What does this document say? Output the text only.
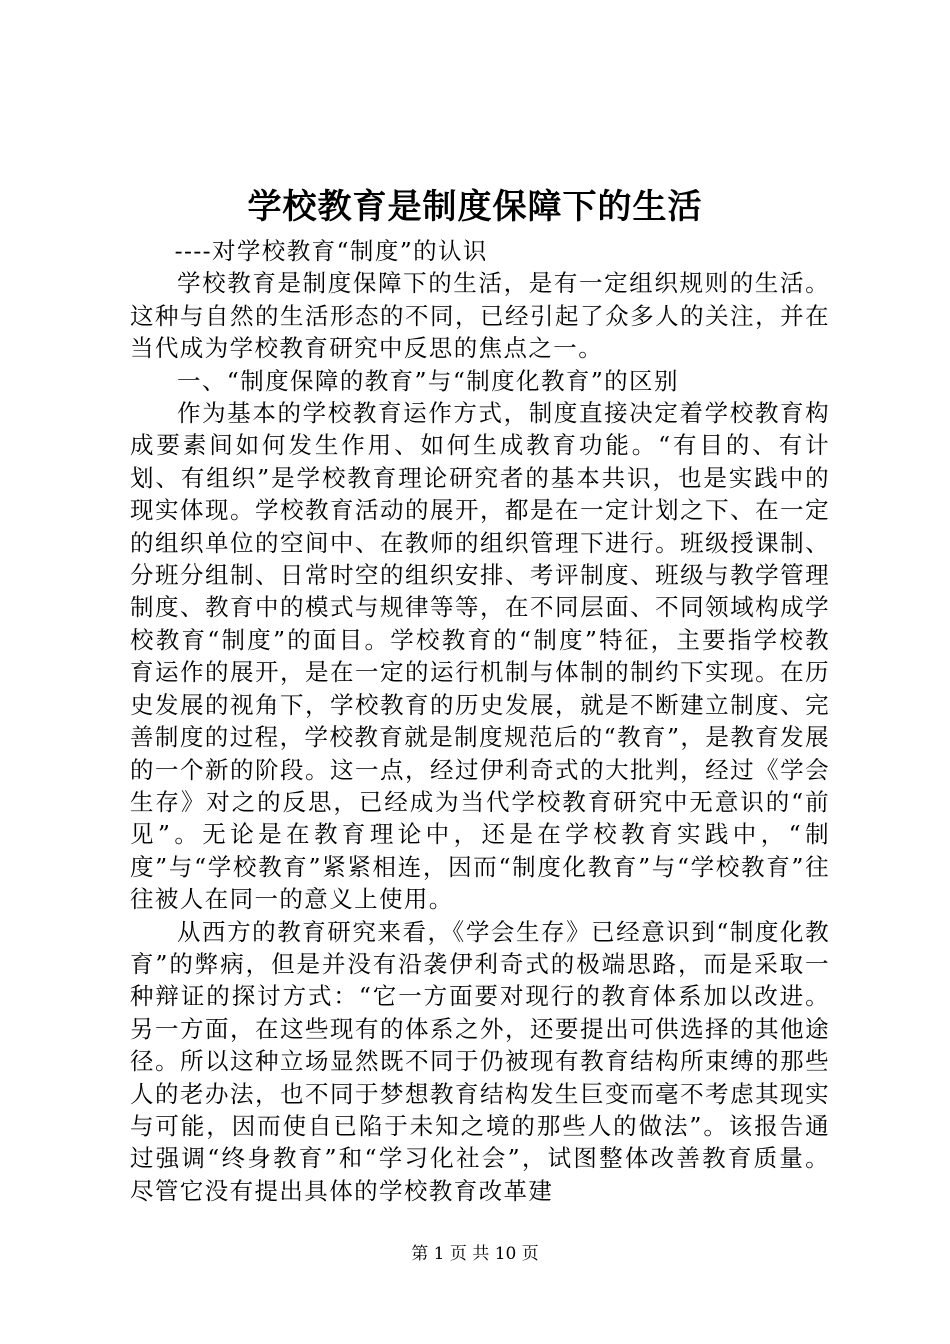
学校教育是制度保障下的生活

----对学校教育“制度”的认识

学校教育是制度保障下的生活，是有一定组织规则的生活。这种与自然的生活形态的不同，已经引起了众多人的关注，并在当代成为学校教育研究中反思的焦点之一。

一、“制度保障的教育”与“制度化教育”的区别

作为基本的学校教育运作方式，制度直接决定着学校教育构成要素间如何发生作用、如何生成教育功能。“有目的、有计划、有组织”是学校教育理论研究者的基本共识，也是实践中的现实体现。学校教育活动的展开，都是在一定计划之下、在一定的组织单位的空间中、在教师的组织管理下进行。班级授课制、分班分组制、日常时空的组织安排、考评制度、班级与教学管理制度、教育中的模式与规律等等，在不同层面、不同领域构成学校教育“制度”的面目。学校教育的“制度”特征，主要指学校教育运作的展开，是在一定的运行机制与体制的制约下实现。在历史发展的视角下，学校教育的历史发展，就是不断建立制度、完善制度的过程，学校教育就是制度规范后的“教育”，是教育发展的一个新的阶段。这一点，经过伊利奇式的大批判，经过《学会生存》对之的反思，已经成为当代学校教育研究中无意识的“前见”。无论是在教育理论中，还是在学校教育实践中，“制度”与“学校教育”紧紧相连，因而“制度化教育”与“学校教育”往往被人在同一的意义上使用。

从西方的教育研究来看，《学会生存》已经意识到“制度化教育”的弊病，但是并没有沿袭伊利奇式的极端思路，而是采取一种辩证的探讨方式：“它一方面要对现行的教育体系加以改进。另一方面，在这些现有的体系之外，还要提出可供选择的其他途径。所以这种立场显然既不同于仍被现有教育结构所束缚的那些人的老办法，也不同于梦想教育结构发生巨变而毫不考虑其现实与可能，因而使自已陷于未知之境的那些人的做法”。该报告通过强调“终身教育”和“学习化社会”，试图整体改善教育质量。尽管它没有提出具体的学校教育改革建

第 1 页 共 10 页
